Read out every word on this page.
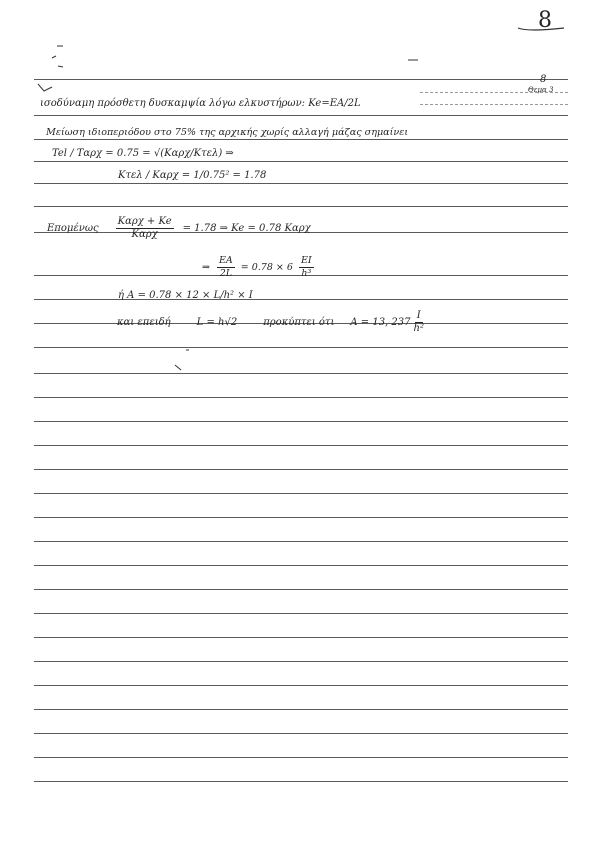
8
8
Θεμα 3
ισοδύναμη πρόσθετη δυσκαμψία λόγω ελκυστήρων: Ke=EA/2L
Μείωση ιδιοπεριόδου στο 75% της αρχικής χωρίς αλλαγή μάζας σημαίνει
Tel / Tαρχ = 0.75 = √(Kαρχ/Kτελ) ⇒
Kτελ / Kαρχ = 1/0.75² = 1.78
Επομένως $\frac{\text{Kαρχ + Ke}}{\text{Kαρχ}} = 1.78$ ⇒ Ke = 0.78 Kαρχ
⇒ $\frac{EA}{2L} = 0.78 \times 6 \frac{EI}{\text{h³}}$
ή A = 0.78 × 12 × L/h² × I
και επειδή	L = h√2	προκύπτει ότι A = 13, $237 \frac{I}{\text{h²}}$
